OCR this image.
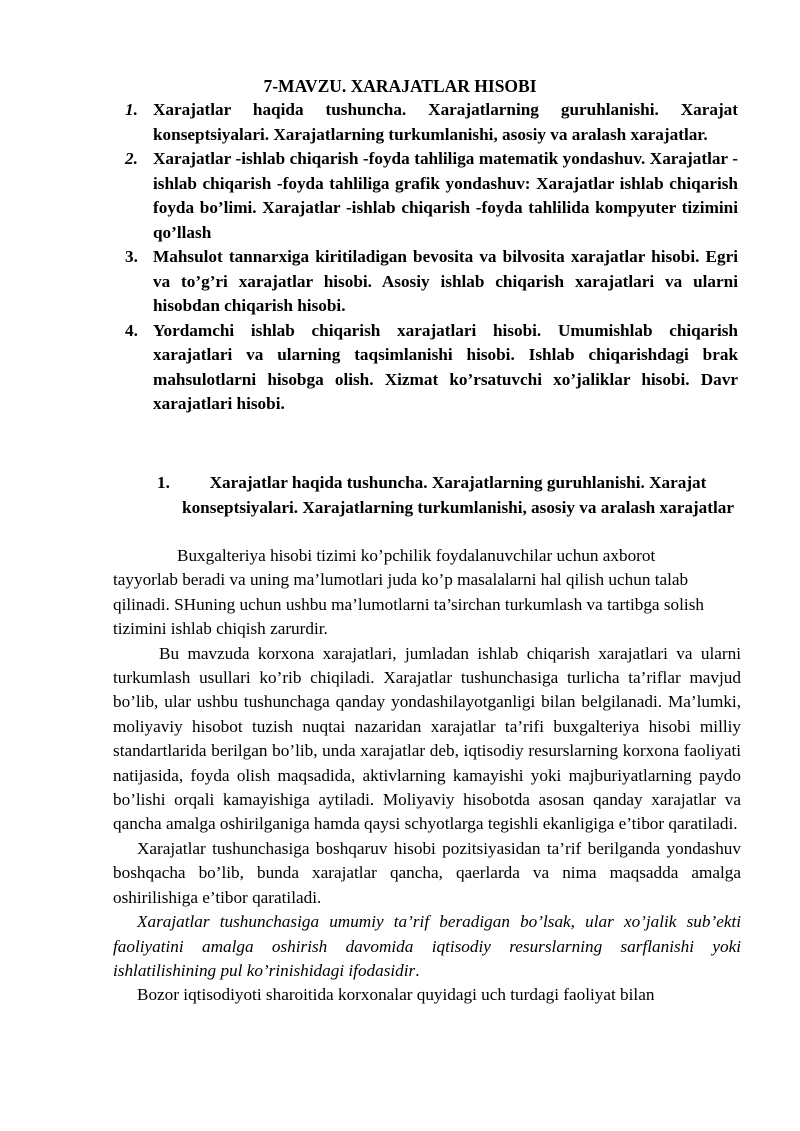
7-MAVZU. XARAJATLAR HISOBI
1. Xarajatlar haqida tushuncha. Xarajatlarning guruhlanishi. Xarajat konseptsiyalari. Xarajatlarning turkumlanishi, asosiy va aralash xarajatlar.
2. Xarajatlar -ishlab chiqarish -foyda tahliliga matematik yondashuv. Xarajatlar -ishlab chiqarish -foyda tahliliga grafik yondashuv: Xarajatlar ishlab chiqarish foyda bo’limi. Xarajatlar -ishlab chiqarish -foyda tahlilida kompyuter tizimini qo’llash
3. Mahsulot tannarxiga kiritiladigan bevosita va bilvosita xarajatlar hisobi. Egri va to’g’ri xarajatlar hisobi. Asosiy ishlab chiqarish xarajatlari va ularni hisobdan chiqarish hisobi.
4. Yordamchi ishlab chiqarish xarajatlari hisobi. Umumishlab chiqarish xarajatlari va ularning taqsimlanishi hisobi. Ishlab chiqarishdagi brak mahsulotlarni hisobga olish. Xizmat ko’rsatuvchi xo’jaliklar hisobi. Davr xarajatlari hisobi.
1.	Xarajatlar haqida tushuncha. Xarajatlarning guruhlanishi. Xarajat konseptsiyalari. Xarajatlarning turkumlanishi, asosiy va aralash xarajatlar

Buxgalteriya hisobi tizimi ko’pchilik foydalanuvchilar uchun axborot tayyorlab beradi va uning ma’lumotlari juda ko’p masalalarni hal qilish uchun talab qilinadi. SHuning uchun ushbu ma’lumotlarni ta’sirchan turkumlash va tartibga solish tizimini ishlab chiqish zarurdir.

Bu mavzuda korxona xarajatlari, jumladan ishlab chiqarish xarajatlari va ularni turkumlash usullari ko’rib chiqiladi. Xarajatlar tushunchasiga turlicha ta’riflar mavjud bo’lib, ular ushbu tushunchaga qanday yondashilayotganligi bilan belgilanadi. Ma’lumki, moliyaviy hisobot tuzish nuqtai nazaridan xarajatlar ta’rifi buxgalteriya hisobi milliy standartlarida berilgan bo’lib, unda xarajatlar deb, iqtisodiy resurslarning korxona faoliyati natijasida, foyda olish maqsadida, aktivlarning kamayishi yoki majburiyatlarning paydo bo’lishi orqali kamayishiga aytiladi. Moliyaviy hisobotda asosan qanday xarajatlar va qancha amalga oshirilganiga hamda qaysi schyotlarga tegishli ekanligiga e’tibor qaratiladi.

Xarajatlar tushunchasiga boshqaruv hisobi pozitsiyasidan ta’rif berilganda yondashuv boshqacha bo’lib, bunda xarajatlar qancha, qaerlarda va nima maqsadda amalga oshirilishiga e’tibor qaratiladi.

Xarajatlar tushunchasiga umumiy ta’rif beradigan bo’lsak, ular xo’jalik sub’ekti faoliyatini amalga oshirish davomida iqtisodiy resurslarning sarflanishi yoki ishlatilishining pul ko’rinishidagi ifodasidir.

Bozor iqtisodiyoti sharoitida korxonalar quyidagi uch turdagi faoliyat bilan
